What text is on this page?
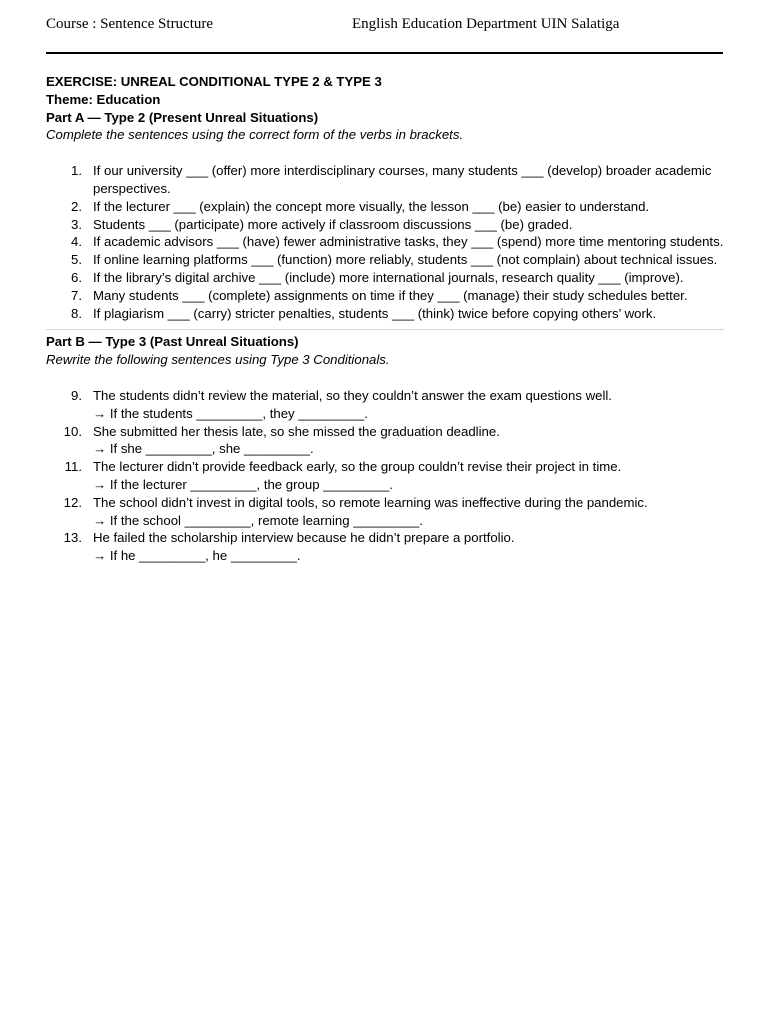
Course : Sentence Structure	English Education Department UIN Salatiga
EXERCISE: UNREAL CONDITIONAL TYPE 2 & TYPE 3
Theme: Education
Part A — Type 2 (Present Unreal Situations)
Complete the sentences using the correct form of the verbs in brackets.
1. If our university ___ (offer) more interdisciplinary courses, many students ___ (develop) broader academic perspectives.
2. If the lecturer ___ (explain) the concept more visually, the lesson ___ (be) easier to understand.
3. Students ___ (participate) more actively if classroom discussions ___ (be) graded.
4. If academic advisors ___ (have) fewer administrative tasks, they ___ (spend) more time mentoring students.
5. If online learning platforms ___ (function) more reliably, students ___ (not complain) about technical issues.
6. If the library’s digital archive ___ (include) more international journals, research quality ___ (improve).
7. Many students ___ (complete) assignments on time if they ___ (manage) their study schedules better.
8. If plagiarism ___ (carry) stricter penalties, students ___ (think) twice before copying others’ work.
Part B — Type 3 (Past Unreal Situations)
Rewrite the following sentences using Type 3 Conditionals.
9. The students didn’t review the material, so they couldn’t answer the exam questions well.
→ If the students _________, they _________.
10. She submitted her thesis late, so she missed the graduation deadline.
→ If she _________, she _________.
11. The lecturer didn’t provide feedback early, so the group couldn’t revise their project in time.
→ If the lecturer _________, the group _________.
12. The school didn’t invest in digital tools, so remote learning was ineffective during the pandemic.
→ If the school _________, remote learning _________.
13. He failed the scholarship interview because he didn’t prepare a portfolio.
→ If he _________, he _________.
